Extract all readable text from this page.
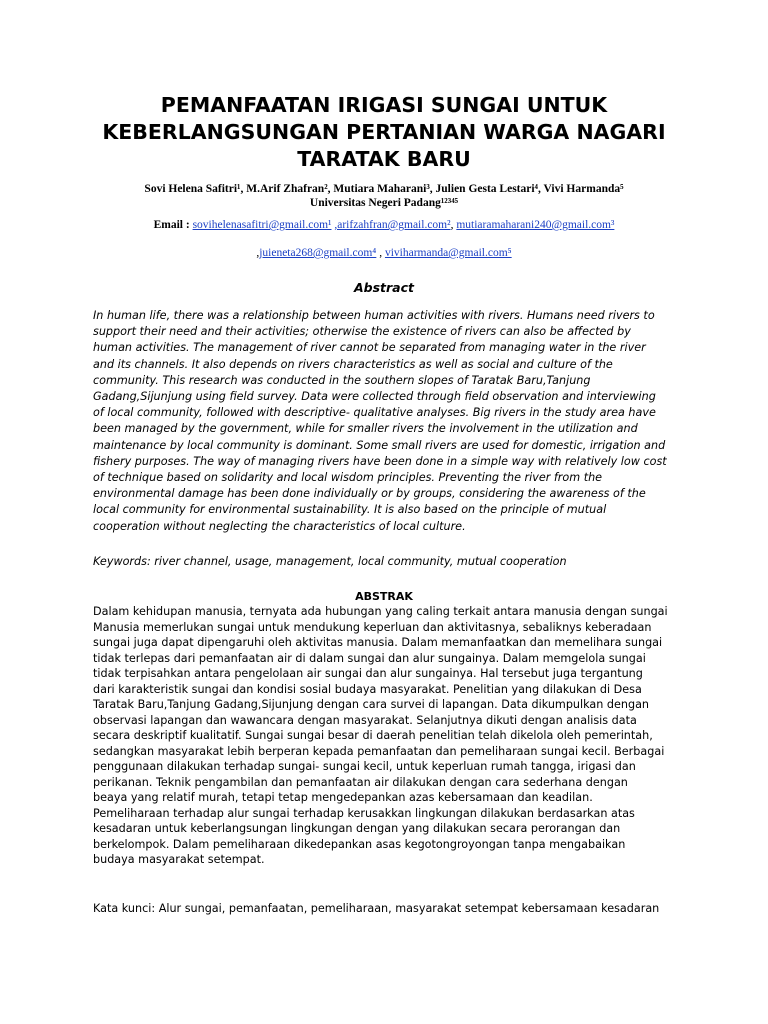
PEMANFAATAN IRIGASI SUNGAI UNTUK
KEBERLANGSUNGAN PERTANIAN WARGA NAGARI
TARATAK BARU
Sovi Helena Safitri¹, M.Arif Zhafran², Mutiara Maharani³, Julien Gesta Lestari⁴, Vivi Harmanda⁵
Universitas Negeri Padang¹²³⁴⁵
Email : sovihelenasafitri@gmail.com¹ ,arifzahfran@gmail.com², mutiaramaharani240@gmail.com³
,juieneta268@gmail.com⁴ , viviharmanda@gmail.com⁵
Abstract
In human life, there was a relationship between human activities with rivers. Humans need rivers to
support their need and their activities; otherwise the existence of rivers can also be affected by
human activities. The management of river cannot be separated from managing water in the river
and its channels. It also depends on rivers characteristics as well as social and culture of the
community. This research was conducted in the southern slopes of Taratak Baru,Tanjung
Gadang,Sijunjung using field survey. Data were collected through field observation and interviewing
of local community, followed with descriptive- qualitative analyses. Big rivers in the study area have
been managed by the government, while for smaller rivers the involvement in the utilization and
maintenance by local community is dominant. Some small rivers are used for domestic, irrigation and
fishery purposes. The way of managing rivers have been done in a simple way with relatively low cost
of technique based on solidarity and local wisdom principles. Preventing the river from the
environmental damage has been done individually or by groups, considering the awareness of the
local community for environmental sustainability. It is also based on the principle of mutual
cooperation without neglecting the characteristics of local culture.
Keywords: river channel, usage, management, local community, mutual cooperation
ABSTRAK
Dalam kehidupan manusia, ternyata ada hubungan yang caling terkait antara manusia dengan sungai
Manusia memerlukan sungai untuk mendukung keperluan dan aktivitasnya, sebaliknys keberadaan
sungai juga dapat dipengaruhi oleh aktivitas manusia. Dalam memanfaatkan dan memelihara sungai
tidak terlepas dari pemanfaatan air di dalam sungai dan alur sungainya. Dalam memgelola sungai
tidak terpisahkan antara pengelolaan air sungai dan alur sungainya. Hal tersebut juga tergantung
dari karakteristik sungai dan kondisi sosial budaya masyarakat. Penelitian yang dilakukan di Desa
Taratak Baru,Tanjung Gadang,Sijunjung dengan cara survei di lapangan. Data dikumpulkan dengan
observasi lapangan dan wawancara dengan masyarakat. Selanjutnya dikuti dengan analisis data
secara deskriptif kualitatif. Sungai sungai besar di daerah penelitian telah dikelola oleh pemerintah,
sedangkan masyarakat lebih berperan kepada pemanfaatan dan pemeliharaan sungai kecil. Berbagai
penggunaan dilakukan terhadap sungai- sungai kecil, untuk keperluan rumah tangga, irigasi dan
perikanan. Teknik pengambilan dan pemanfaatan air dilakukan dengan cara sederhana dengan
beaya yang relatif murah, tetapi tetap mengedepankan azas kebersamaan dan keadilan.
Pemeliharaan terhadap alur sungai terhadap kerusakkan lingkungan dilakukan berdasarkan atas
kesadaran untuk keberlangsungan lingkungan dengan yang dilakukan secara perorangan dan
berkelompok. Dalam pemeliharaan dikedepankan asas kegotongroyongan tanpa mengabaikan
budaya masyarakat setempat.
Kata kunci: Alur sungai, pemanfaatan, pemeliharaan, masyarakat setempat kebersamaan kesadaran
